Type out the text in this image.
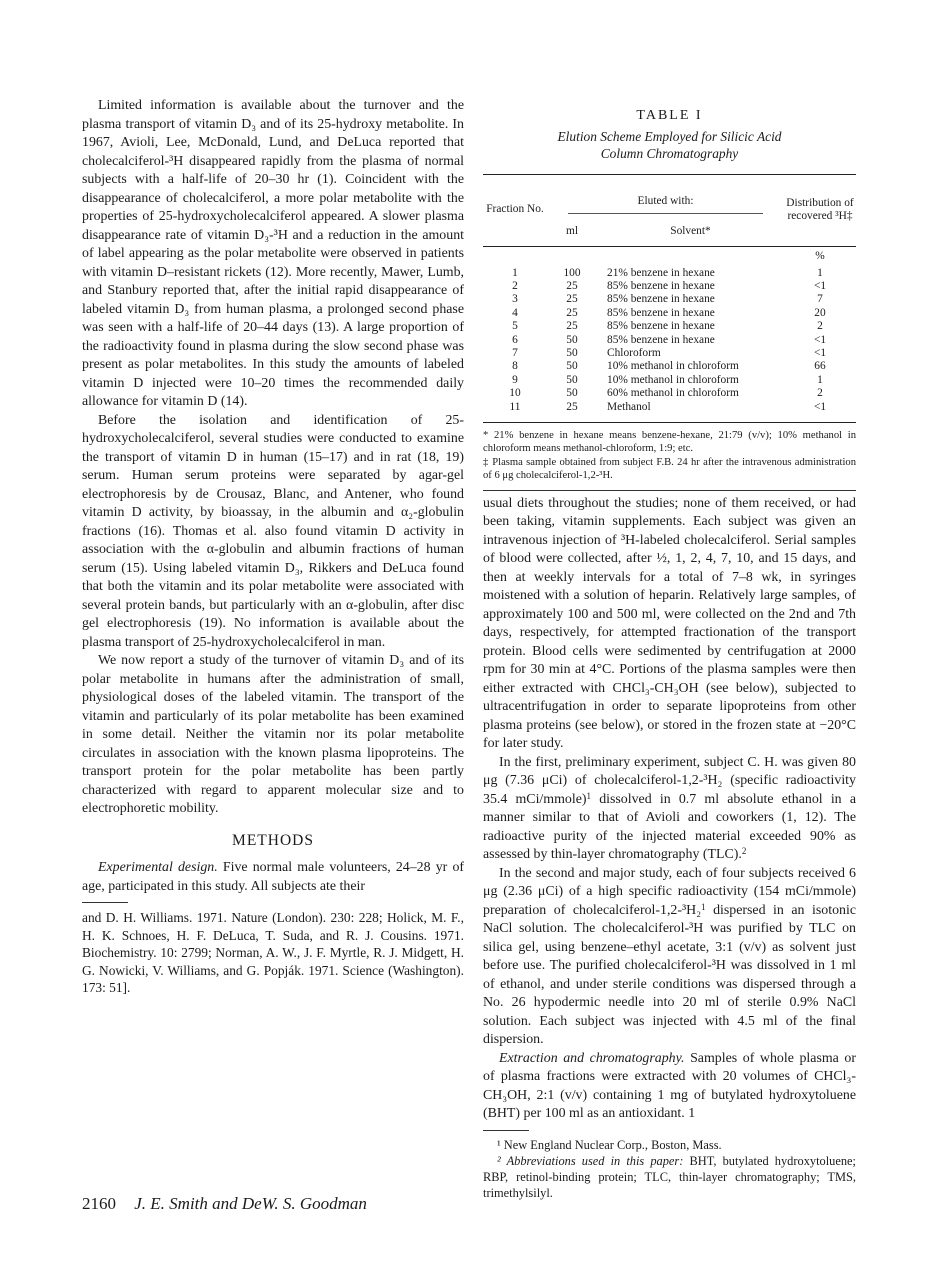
Limited information is available about the turnover and the plasma transport of vitamin D₃ and of its 25-hydroxy metabolite. In 1967, Avioli, Lee, McDonald, Lund, and DeLuca reported that cholecalciferol-³H disappeared rapidly from the plasma of normal subjects with a half-life of 20–30 hr (1). Coincident with the disappearance of cholecalciferol, a more polar metabolite with the properties of 25-hydroxycholecalciferol appeared. A slower plasma disappearance rate of vitamin D₃-³H and a reduction in the amount of label appearing as the polar metabolite were observed in patients with vitamin D–resistant rickets (12). More recently, Mawer, Lumb, and Stanbury reported that, after the initial rapid disappearance of labeled vitamin D₃ from human plasma, a prolonged second phase was seen with a half-life of 20–44 days (13). A large proportion of the radioactivity found in plasma during the slow second phase was present as polar metabolites. In this study the amounts of labeled vitamin D injected were 10–20 times the recommended daily allowance for vitamin D (14).

Before the isolation and identification of 25-hydroxycholecalciferol, several studies were conducted to examine the transport of vitamin D in human (15–17) and in rat (18, 19) serum. Human serum proteins were separated by agar-gel electrophoresis by de Crousaz, Blanc, and Antener, who found vitamin D activity, by bioassay, in the albumin and α₂-globulin fractions (16). Thomas et al. also found vitamin D activity in association with the α-globulin and albumin fractions of human serum (15). Using labeled vitamin D₃, Rikkers and DeLuca found that both the vitamin and its polar metabolite were associated with several protein bands, but particularly with an α-globulin, after disc gel electrophoresis (19). No information is available about the plasma transport of 25-hydroxycholecalciferol in man.

We now report a study of the turnover of vitamin D₃ and of its polar metabolite in humans after the administration of small, physiological doses of the labeled vitamin. The transport of the vitamin and particularly of its polar metabolite has been examined in some detail. Neither the vitamin nor its polar metabolite circulates in association with the known plasma lipoproteins. The transport protein for the polar metabolite has been partly characterized with regard to apparent molecular size and to electrophoretic mobility.

METHODS

Experimental design. Five normal male volunteers, 24–28 yr of age, participated in this study. All subjects ate their

and D. H. Williams. 1971. Nature (London). 230: 228; Holick, M. F., H. K. Schnoes, H. F. DeLuca, T. Suda, and R. J. Cousins. 1971. Biochemistry. 10: 2799; Norman, A. W., J. F. Myrtle, R. J. Midgett, H. G. Nowicki, V. Williams, and G. Popják. 1971. Science (Washington). 173: 51].

TABLE I

Elution Scheme Employed for Silicic Acid
Column Chromatography

Fraction No.	Eluted with:		Distribution of recovered ³H‡
	ml	Solvent*	
			%
1	100	21% benzene in hexane	1
2	25	85% benzene in hexane	<1
3	25	85% benzene in hexane	7
4	25	85% benzene in hexane	20
5	25	85% benzene in hexane	2
6	50	85% benzene in hexane	<1
7	50	Chloroform	<1
8	50	10% methanol in chloroform	66
9	50	10% methanol in chloroform	1
10	50	60% methanol in chloroform	2
11	25	Methanol	<1

* 21% benzene in hexane means benzene-hexane, 21:79 (v/v); 10% methanol in chloroform means methanol-chloroform, 1:9; etc.

‡ Plasma sample obtained from subject F.B. 24 hr after the intravenous administration of 6 μg cholecalciferol-1,2-³H.

usual diets throughout the studies; none of them received, or had been taking, vitamin supplements. Each subject was given an intravenous injection of ³H-labeled cholecalciferol. Serial samples of blood were collected, after ½, 1, 2, 4, 7, 10, and 15 days, and then at weekly intervals for a total of 7–8 wk, in syringes moistened with a solution of heparin. Relatively large samples, of approximately 100 and 500 ml, were collected on the 2nd and 7th days, respectively, for attempted fractionation of the transport protein. Blood cells were sedimented by centrifugation at 2000 rpm for 30 min at 4°C. Portions of the plasma samples were then either extracted with CHCl₃-CH₃OH (see below), subjected to ultracentrifugation in order to separate lipoproteins from other plasma proteins (see below), or stored in the frozen state at −20°C for later study.

In the first, preliminary experiment, subject C. H. was given 80 μg (7.36 μCi) of cholecalciferol-1,2-³H₂ (specific radioactivity 35.4 mCi/mmole)$^1$ dissolved in 0.7 ml absolute ethanol in a manner similar to that of Avioli and coworkers (1, 12). The radioactive purity of the injected material exceeded 90% as assessed by thin-layer chromatography (TLC).$^2$

In the second and major study, each of four subjects received 6 μg (2.36 μCi) of a high specific radioactivity (154 mCi/mmole) preparation of cholecalciferol-1,2-³H₂$^1$ dispersed in an isotonic NaCl solution. The cholecalciferol-³H was purified by TLC on silica gel, using benzene–ethyl acetate, 3:1 (v/v) as solvent just before use. The purified cholecalciferol-³H was dissolved in 1 ml of ethanol, and under sterile conditions was dispersed through a No. 26 hypodermic needle into 20 ml of sterile 0.9% NaCl solution. Each subject was injected with 4.5 ml of the final dispersion.

Extraction and chromatography. Samples of whole plasma or of plasma fractions were extracted with 20 volumes of CHCl₃-CH₃OH, 2:1 (v/v) containing 1 mg of butylated hydroxytoluene (BHT) per 100 ml as an antioxidant. 1

¹ New England Nuclear Corp., Boston, Mass.

² Abbreviations used in this paper: BHT, butylated hydroxytoluene; RBP, retinol-binding protein; TLC, thin-layer chromatography; TMS, trimethylsilyl.

2160 J. E. Smith and DeW. S. Goodman
